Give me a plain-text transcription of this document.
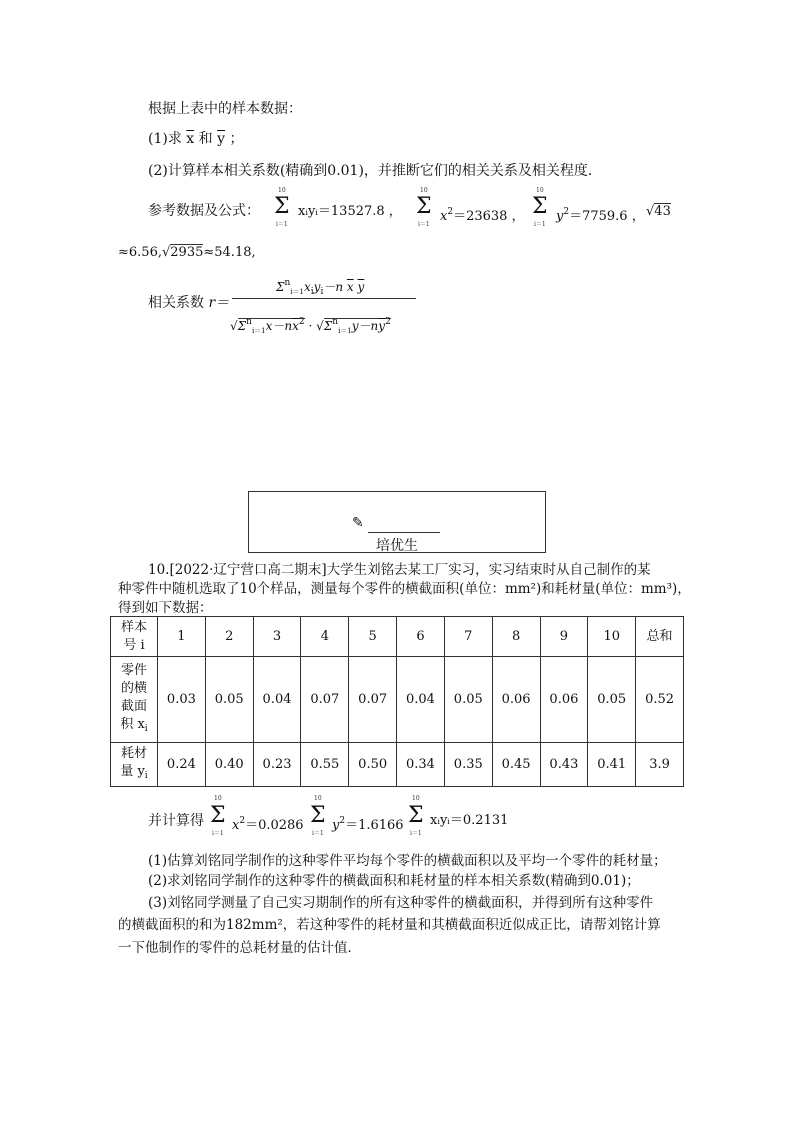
根据上表中的样本数据：
(1)求 $\overline{x}$ 和 $\overline{y}$ ；
(2)计算样本相关系数(精确到0.01)，并推断它们的相关关系及相关程度．
参考数据及公式：
10
Σ
i＝1
xᵢyᵢ＝13527.8 ，
10
Σ
i＝1
$x^2=23638$ ，
10
Σ
i＝1
$y^2=7759.6$ ， √43
≈6.56,√2935≈54.18,
相关系数 r＝
$\Sigma^n_{i=1}x_iy_i-n$ $\overline{x}$ $\overline{y}$
$√\Sigma^n_{i=1}x-n\overline{x}^2 \cdot √\Sigma^n_{i=1}y-n\overline{y}^2$
✎
培优生
10.[2022·辽宁营口高二期末]大学生刘铭去某工厂实习，实习结束时从自己制作的某
种零件中随机选取了10个样品，测量每个零件的横截面积(单位：mm²)和耗材量(单位：mm³)，
得到如下数据：
样本
号 i	1	2	3	4	5	6	7	8	9	10	总和
零件
的横
截面
积 $x_i$	0.03	0.05	0.04	0.07	0.07	0.04	0.05	0.06	0.06	0.05	0.52
耗材
量 $y_i$	0.24	0.40	0.23	0.55	0.50	0.34	0.35	0.45	0.43	0.41	3.9
并计算得
10
Σ
i＝1
$x^2=0.0286$
10
Σ
i＝1
$y^2=1.6166$
10
Σ
i＝1
xᵢyᵢ＝0.2131
(1)估算刘铭同学制作的这种零件平均每个零件的横截面积以及平均一个零件的耗材量；
(2)求刘铭同学制作的这种零件的横截面积和耗材量的样本相关系数(精确到0.01)；
(3)刘铭同学测量了自己实习期制作的所有这种零件的横截面积，并得到所有这种零件
的横截面积的和为182mm²，若这种零件的耗材量和其横截面积近似成正比，请帮刘铭计算
一下他制作的零件的总耗材量的估计值．
